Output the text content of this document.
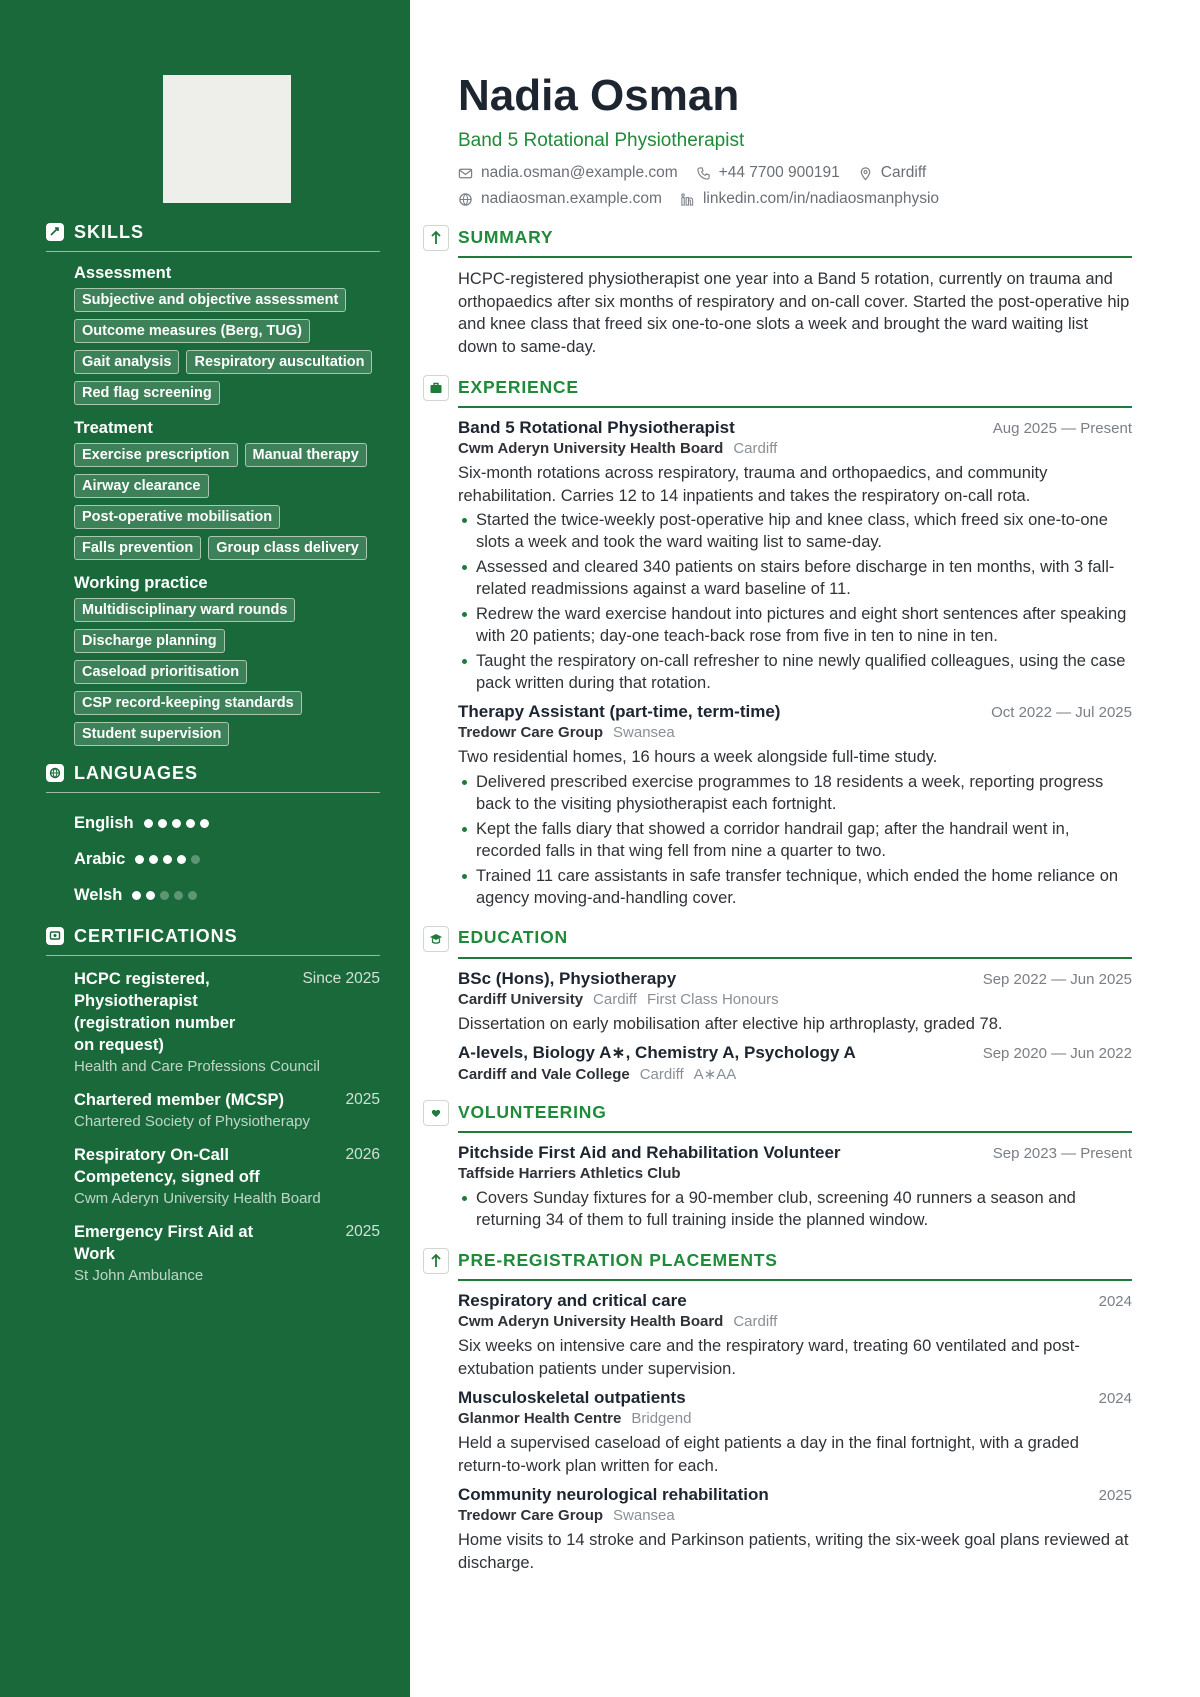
SKILLS
Assessment
Subjective and objective assessment
Outcome measures (Berg, TUG)
Gait analysis	Respiratory auscultation
Red flag screening
Treatment
Exercise prescription	Manual therapy
Airway clearance
Post-operative mobilisation
Falls prevention	Group class delivery
Working practice
Multidisciplinary ward rounds
Discharge planning
Caseload prioritisation
CSP record-keeping standards
Student supervision
LANGUAGES
English
Arabic
Welsh
CERTIFICATIONS
HCPC registered, Physiotherapist (registration number on request)
Since 2025
Health and Care Professions Council
Chartered member (MCSP)	2025
Chartered Society of Physiotherapy
Respiratory On-Call Competency, signed off
2026
Cwm Aderyn University Health Board
Emergency First Aid at Work
2025
St John Ambulance
Nadia Osman
Band 5 Rotational Physiotherapist
nadia.osman@example.com	+44 7700 900191	Cardiff
nadiaosman.example.com	linkedin.com/in/nadiaosmanphysio
SUMMARY

HCPC-registered physiotherapist one year into a Band 5 rotation, currently on trauma and orthopaedics after six months of respiratory and on-call cover. Started the post-operative hip and knee class that freed six one-to-one slots a week and brought the ward waiting list down to same-day.

EXPERIENCE
Band 5 Rotational Physiotherapist	Aug 2025 — Present
Cwm Aderyn University Health Board Cardiff

Six-month rotations across respiratory, trauma and orthopaedics, and community rehabilitation. Carries 12 to 14 inpatients and takes the respiratory on-call rota.

Started the twice-weekly post-operative hip and knee class, which freed six one-to-one slots a week and took the ward waiting list to same-day.
Assessed and cleared 340 patients on stairs before discharge in ten months, with 3 fall-related readmissions against a ward baseline of 11.
Redrew the ward exercise handout into pictures and eight short sentences after speaking with 20 patients; day-one teach-back rose from five in ten to nine in ten.
Taught the respiratory on-call refresher to nine newly qualified colleagues, using the case pack written during that rotation.
Therapy Assistant (part-time, term-time)	Oct 2022 — Jul 2025
Tredowr Care Group Swansea

Two residential homes, 16 hours a week alongside full-time study.

Delivered prescribed exercise programmes to 18 residents a week, reporting progress back to the visiting physiotherapist each fortnight.
Kept the falls diary that showed a corridor handrail gap; after the handrail went in, recorded falls in that wing fell from nine a quarter to two.
Trained 11 care assistants in safe transfer technique, which ended the home reliance on agency moving-and-handling cover.
EDUCATION
BSc (Hons), Physiotherapy	Sep 2022 — Jun 2025
Cardiff University Cardiff First Class Honours

Dissertation on early mobilisation after elective hip arthroplasty, graded 78.

A-levels, Biology A∗, Chemistry A, Psychology A	Sep 2020 — Jun 2022
Cardiff and Vale College Cardiff A∗AA
VOLUNTEERING
Pitchside First Aid and Rehabilitation Volunteer	Sep 2023 — Present
Taffside Harriers Athletics Club
Covers Sunday fixtures for a 90-member club, screening 40 runners a season and returning 34 of them to full training inside the planned window.
PRE-REGISTRATION PLACEMENTS
Respiratory and critical care	2024
Cwm Aderyn University Health Board Cardiff

Six weeks on intensive care and the respiratory ward, treating 60 ventilated and post-extubation patients under supervision.

Musculoskeletal outpatients	2024
Glanmor Health Centre Bridgend

Held a supervised caseload of eight patients a day in the final fortnight, with a graded return-to-work plan written for each.

Community neurological rehabilitation	2025
Tredowr Care Group Swansea

Home visits to 14 stroke and Parkinson patients, writing the six-week goal plans reviewed at discharge.
